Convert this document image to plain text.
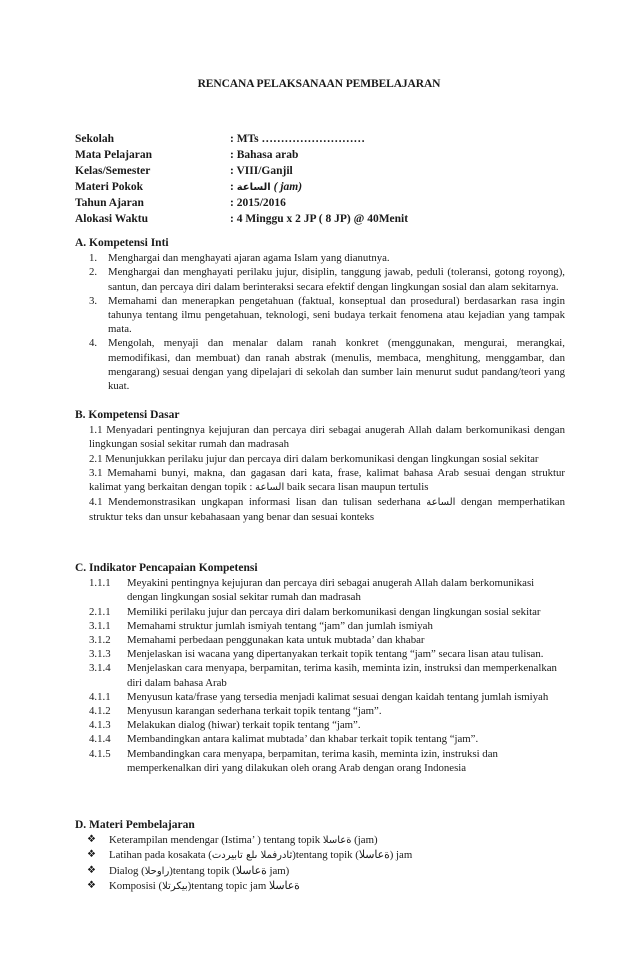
RENCANA PELAKSANAAN PEMBELAJARAN
Sekolah	: MTs ………………………
Mata Pelajaran	: Bahasa arab
Kelas/Semester	: VIII/Ganjil
Materi Pokok	: الساعة ( jam)
Tahun Ajaran	: 2015/2016
Alokasi Waktu	: 4 Minggu x 2 JP ( 8 JP) @ 40Menit
A. Kompetensi Inti
1. Menghargai dan menghayati ajaran agama Islam yang dianutnya.
2. Menghargai dan menghayati perilaku jujur, disiplin, tanggung jawab, peduli (toleransi, gotong royong), santun, dan percaya diri dalam berinteraksi secara efektif dengan lingkungan sosial dan alam sekitarnya.
3. Memahami dan menerapkan pengetahuan (faktual, konseptual dan prosedural) berdasarkan rasa ingin tahunya tentang ilmu pengetahuan, teknologi, seni budaya terkait fenomena atau kejadian yang tampak mata.
4. Mengolah, menyaji dan menalar dalam ranah konkret (menggunakan, mengurai, merangkai, memodifikasi, dan membuat) dan ranah abstrak (menulis, membaca, menghitung, menggambar, dan mengarang) sesuai dengan yang dipelajari di sekolah dan sumber lain menurut sudut pandang/teori yang kuat.
B. Kompetensi Dasar
1.1 Menyadari pentingnya kejujuran dan percaya diri sebagai anugerah Allah dalam berkomunikasi dengan lingkungan sosial sekitar rumah dan madrasah
2.1 Menunjukkan perilaku jujur dan percaya diri dalam berkomunikasi dengan lingkungan sosial sekitar
3.1 Memahami bunyi, makna, dan gagasan dari kata, frase, kalimat bahasa Arab sesuai dengan struktur kalimat yang berkaitan dengan topik : الساعة baik secara lisan maupun tertulis
4.1 Mendemonstrasikan ungkapan informasi lisan dan tulisan sederhana الساعة dengan memperhatikan struktur teks dan unsur kebahasaan yang benar dan sesuai konteks
C. Indikator Pencapaian Kompetensi
1.1.1 Meyakini pentingnya kejujuran dan percaya diri sebagai anugerah Allah dalam berkomunikasi dengan lingkungan sosial sekitar rumah dan madrasah
2.1.1 Memiliki perilaku jujur dan percaya diri dalam berkomunikasi dengan lingkungan sosial sekitar
3.1.1 Memahami struktur jumlah ismiyah tentang “jam” dan jumlah ismiyah
3.1.2 Memahami perbedaan penggunakan kata untuk mubtada’ dan khabar
3.1.3 Menjelaskan isi wacana yang dipertanyakan terkait topik tentang “jam” secara lisan atau tulisan.
3.1.4 Menjelaskan cara menyapa, berpamitan, terima kasih, meminta izin, instruksi dan memperkenalkan diri dalam bahasa Arab
4.1.1 Menyusun kata/frase yang tersedia menjadi kalimat sesuai dengan kaidah tentang jumlah ismiyah
4.1.2 Menyusun karangan sederhana terkait topik tentang “jam”.
4.1.3 Melakukan dialog (hiwar) terkait topik tentang “jam”.
4.1.4 Membandingkan antara kalimat mubtada’ dan khabar terkait topik tentang “jam”.
4.1.5 Membandingkan cara menyapa, berpamitan, terima kasih, meminta izin, instruksi dan memperkenalkan diri yang dilakukan oleh orang Arab dengan orang Indonesia
D. Materi Pembelajaran
❖ Keterampilan mendengar (Istima’ ) tentang topik ةعاسلا (jam)
❖ Latihan pada kosakata (ثادرفملا ىلع تابيردت)tentang topik (ةعاسلا) jam
❖ Dialog (راوحلا)tentang topik (ةعاسلا jam)
❖ Komposisi (بيكرتلا)tentang topic jam ةعاسلا
